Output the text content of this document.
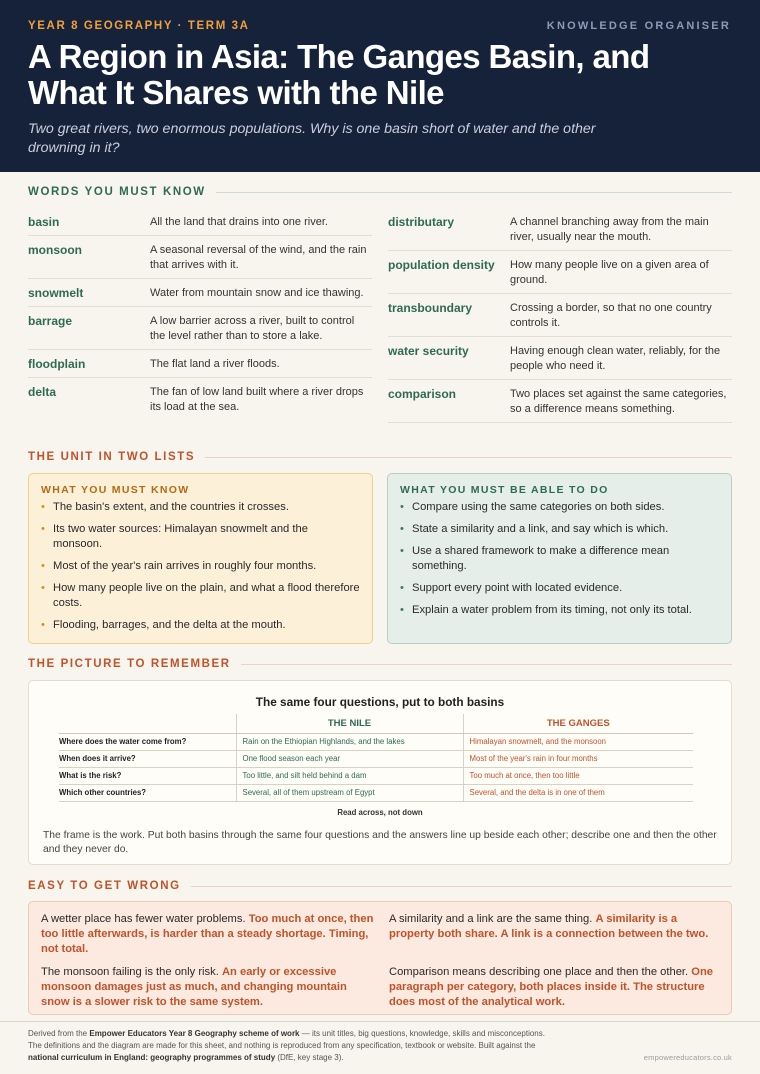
YEAR 8 GEOGRAPHY · TERM 3A	KNOWLEDGE ORGANISER
A Region in Asia: The Ganges Basin, and What It Shares with the Nile

Two great rivers, two enormous populations. Why is one basin short of water and the other drowning in it?

WORDS YOU MUST KNOW
basin	All the land that drains into one river.
monsoon	A seasonal reversal of the wind, and the rain that arrives with it.
snowmelt	Water from mountain snow and ice thawing.
barrage	A low barrier across a river, built to control the level rather than to store a lake.
floodplain	The flat land a river floods.
delta	The fan of low land built where a river drops its load at the sea.
distributary	A channel branching away from the main river, usually near the mouth.
population density	How many people live on a given area of ground.
transboundary	Crossing a border, so that no one country controls it.
water security	Having enough clean water, reliably, for the people who need it.
comparison	Two places set against the same categories, so a difference means something.
THE UNIT IN TWO LISTS
WHAT YOU MUST KNOW
• The basin's extent, and the countries it crosses.
• Its two water sources: Himalayan snowmelt and the monsoon.
• Most of the year's rain arrives in roughly four months.
• How many people live on the plain, and what a flood therefore costs.
• Flooding, barrages, and the delta at the mouth.
WHAT YOU MUST BE ABLE TO DO
• Compare using the same categories on both sides.
• State a similarity and a link, and say which is which.
• Use a shared framework to make a difference mean something.
• Support every point with located evidence.
• Explain a water problem from its timing, not only its total.
THE PICTURE TO REMEMBER
The same four questions, put to both basins
	THE NILE	THE GANGES
Where does the water come from?	Rain on the Ethiopian Highlands, and the lakes	Himalayan snowmelt, and the monsoon
When does it arrive?	One flood season each year	Most of the year's rain in four months
What is the risk?	Too little, and silt held behind a dam	Too much at once, then too little
Which other countries?	Several, all of them upstream of Egypt	Several, and the delta is in one of them
Read across, not down

The frame is the work. Put both basins through the same four questions and the answers line up beside each other; describe one and then the other and they never do.

EASY TO GET WRONG

A wetter place has fewer water problems. Too much at once, then too little afterwards, is harder than a steady shortage. Timing, not total.

A similarity and a link are the same thing. A similarity is a property both share. A link is a connection between the two.

The monsoon failing is the only risk. An early or excessive monsoon damages just as much, and changing mountain snow is a slower risk to the same system.

Comparison means describing one place and then the other. One paragraph per category, both places inside it. The structure does most of the analytical work.

Derived from the Empower Educators Year 8 Geography scheme of work — its unit titles, big questions, knowledge, skills and misconceptions. The definitions and the diagram are made for this sheet, and nothing is reproduced from any specification, textbook or website. Built against the national curriculum in England: geography programmes of study (DfE, key stage 3).	empowereducators.co.uk
